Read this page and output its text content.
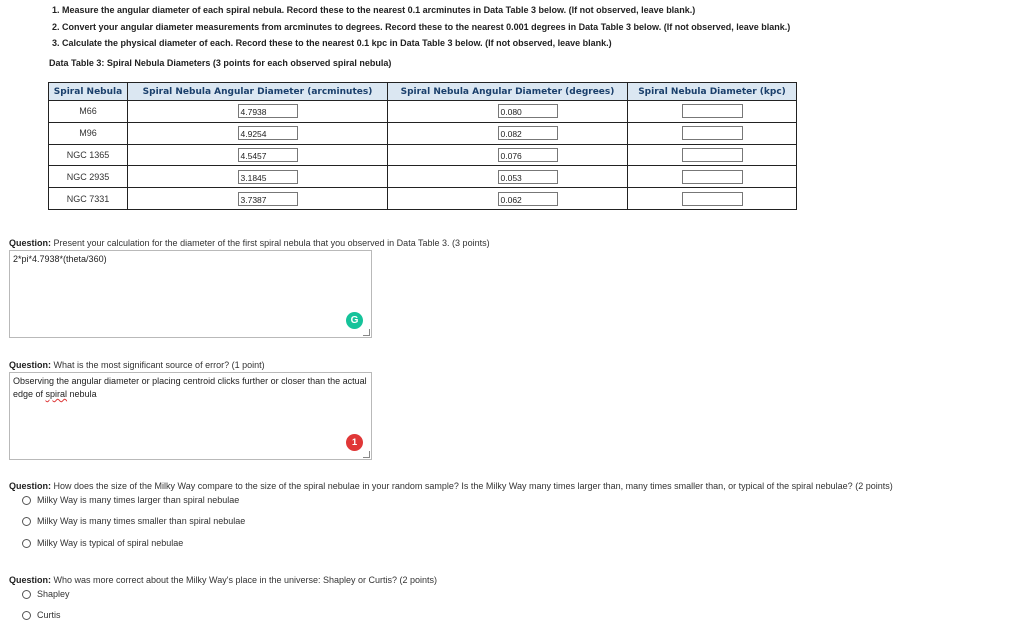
1. Measure the angular diameter of each spiral nebula. Record these to the nearest 0.1 arcminutes in Data Table 3 below. (If not observed, leave blank.)
2. Convert your angular diameter measurements from arcminutes to degrees. Record these to the nearest 0.001 degrees in Data Table 3 below. (If not observed, leave blank.)
3. Calculate the physical diameter of each. Record these to the nearest 0.1 kpc in Data Table 3 below. (If not observed, leave blank.)
Data Table 3: Spiral Nebula Diameters (3 points for each observed spiral nebula)
Spiral Nebula	Spiral Nebula Angular Diameter (arcminutes)	Spiral Nebula Angular Diameter (degrees)	Spiral Nebula Diameter (kpc)
M66	4.7938	0.080	
M96	4.9254	0.082	
NGC 1365	4.5457	0.076	
NGC 2935	3.1845	0.053	
NGC 7331	3.7387	0.062	
Question: Present your calculation for the diameter of the first spiral nebula that you observed in Data Table 3. (3 points)
2*pi*4.7938*(theta/360)
G
Question: What is the most significant source of error? (1 point)
Observing the angular diameter or placing centroid clicks further or closer than the actual edge of spiral nebula
1
Question: How does the size of the Milky Way compare to the size of the spiral nebulae in your random sample? Is the Milky Way many times larger than, many times smaller than, or typical of the spiral nebulae? (2 points)
Milky Way is many times larger than spiral nebulae
Milky Way is many times smaller than spiral nebulae
Milky Way is typical of spiral nebulae
Question: Who was more correct about the Milky Way's place in the universe: Shapley or Curtis? (2 points)
Shapley
Curtis
